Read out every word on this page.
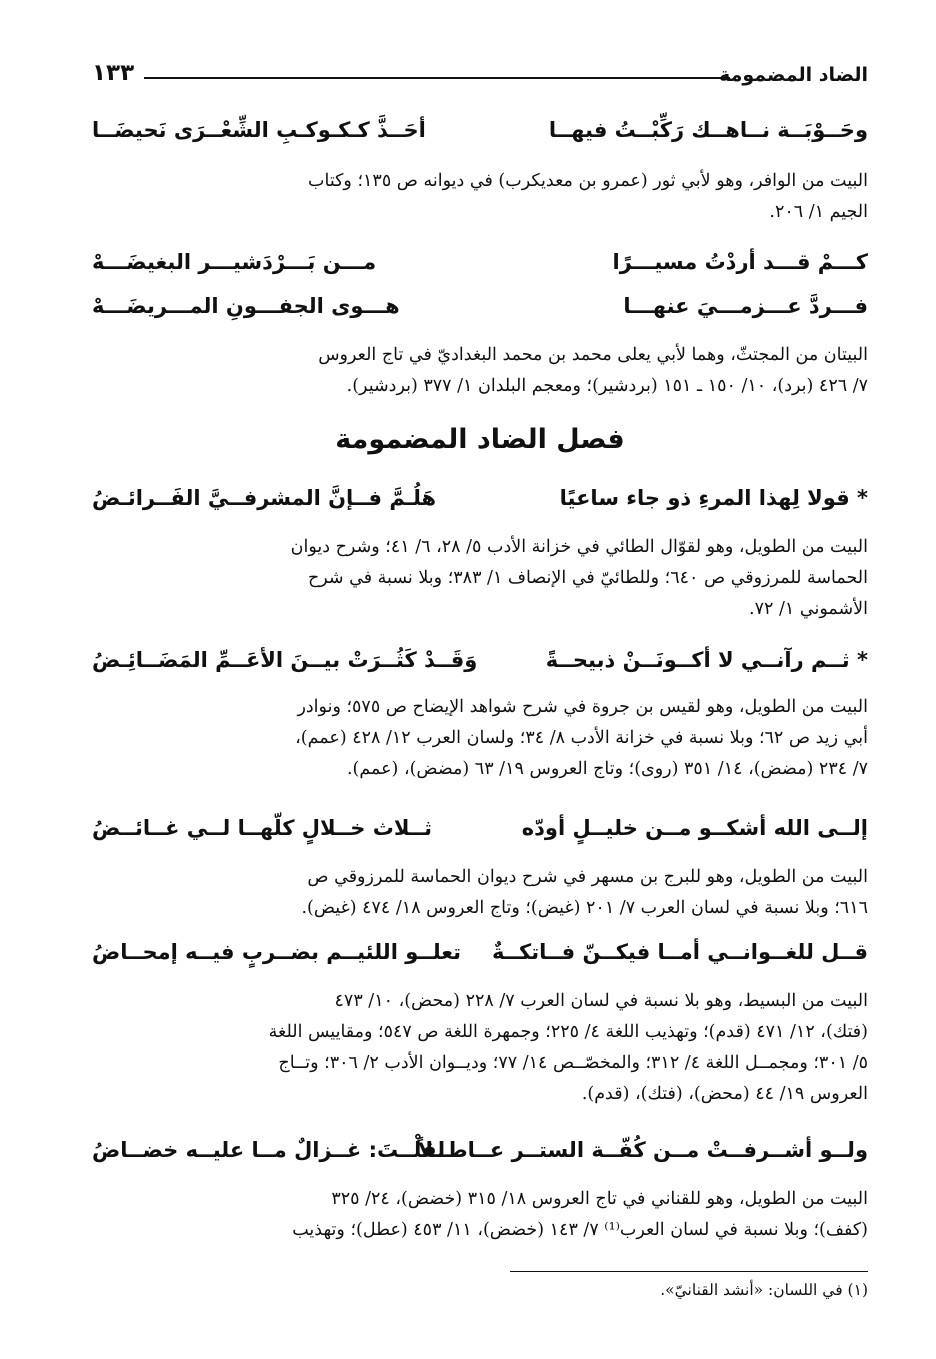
الضاد المضمومة
١٣٣
وحَــوْبَــة نــاهــك رَكِّبْــتُ فيهــا
أحَــذَّ كـكـوكـبِ الشِّعْــرَى نَحيضَــا
البيت من الوافر، وهو لأبي ثور (عمرو بن معديكرب) في ديوانه ص ١٣٥؛ وكتاب
الجيم ١/ ٢٠٦.
كـــمْ قـــد أردْتُ مسيـــرًا
مـــن بَـــرْدَشيـــر البغيضَـــهْ
فـــردَّ عـــزمـــيَ عنهـــا
هـــوى الجفـــونِ المـــريضَـــهْ
البيتان من المجتثّ، وهما لأبي يعلى محمد بن محمد البغداديّ في تاج العروس
٧/ ٤٢٦ (برد)، ١٠/ ١٥٠ ـ ١٥١ (بردشير)؛ ومعجم البلدان ١/ ٣٧٧ (بردشير).
فصل الضاد المضمومة
* قولا لِهذا المرءِ ذو جاء ساعيًا
هَلُـمَّ فــإنَّ المشرفــيَّ الفَــرائـضُ
البيت من الطويل، وهو لقوّال الطائي في خزانة الأدب ٥/ ٢٨، ٦/ ٤١؛ وشرح ديوان
الحماسة للمرزوقي ص ٦٤٠؛ وللطائيّ في الإنصاف ١/ ٣٨٣؛ وبلا نسبة في شرح
الأشموني ١/ ٧٢.
* ثــم رآنــي لا أكــونَــنْ ذبيحــةً
وَقَــدْ كَثُــرَتْ بيــنَ الأعَــمِّ المَضَــائِـضُ
البيت من الطويل، وهو لقيس بن جروة في شرح شواهد الإيضاح ص ٥٧٥؛ ونوادر
أبي زيد ص ٦٢؛ وبلا نسبة في خزانة الأدب ٨/ ٣٤؛ ولسان العرب ١٢/ ٤٢٨ (عمم)،
٧/ ٢٣٤ (مضض)، ١٤/ ٣٥١ (روى)؛ وتاج العروس ١٩/ ٦٣ (مضض)، (عمم).
إلــى الله أشكــو مــن خليــلٍ أودّه
ثــلاث خــلالٍ كلّهــا لــي غــائــضُ
البيت من الطويل، وهو للبرج بن مسهر في شرح ديوان الحماسة للمرزوقي ص
٦١٦؛ وبلا نسبة في لسان العرب ٧/ ٢٠١ (غيض)؛ وتاج العروس ١٨/ ٤٧٤ (غيض).
قــل للغــوانــي أمــا فيكــنّ فــاتكــةٌ
تعلــو اللئيــم بضــربٍ فيــه إمحــاضُ
البيت من البسيط، وهو بلا نسبة في لسان العرب ٧/ ٢٢٨ (محض)، ١٠/ ٤٧٣
(فتك)، ١٢/ ٤٧١ (قدم)؛ وتهذيب اللغة ٤/ ٢٢٥؛ وجمهرة اللغة ص ٥٤٧؛ ومقاييس اللغة
٥/ ٣٠١؛ ومجمــل اللغة ٤/ ٣١٢؛ والمخصّــص ١٤/ ٧٧؛ وديــوان الأدب ٢/ ٣٠٦؛ وتــاج
العروس ١٩/ ٤٤ (محض)، (فتك)، (قدم).
ولــو أشــرفــتْ مــن كُفّــة الستــر عــاطــلاً
لقلْــتَ: غــزالٌ مــا عليــه خضــاضُ
البيت من الطويل، وهو للقناني في تاج العروس ١٨/ ٣١٥ (خضض)، ٢٤/ ٣٢٥
(كفف)؛ وبلا نسبة في لسان العرب⁽¹⁾ ٧/ ١٤٣ (خضض)، ١١/ ٤٥٣ (عطل)؛ وتهذيب
(١) في اللسان: «أنشد القنانيّ».
